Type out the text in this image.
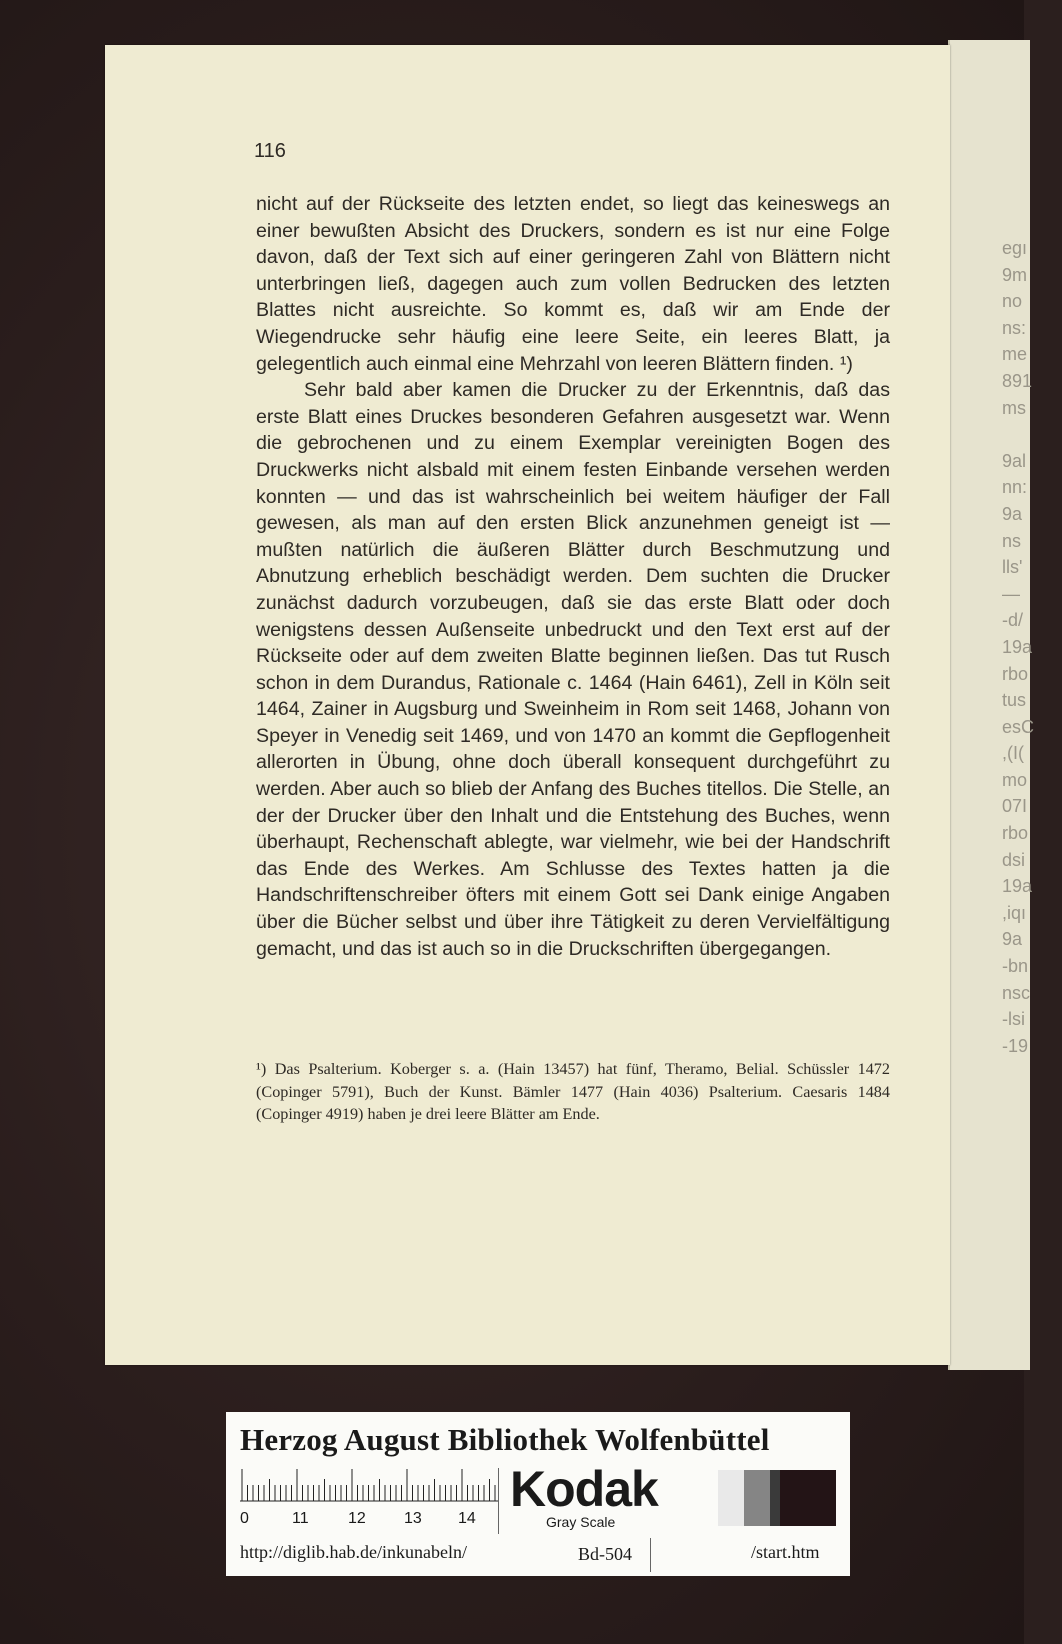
egı
9m
no
ns:
me
891
ms

9al
nn:
9a
ns
lls'
—
-d/
19a
rbo
tus
esC
,(I(
mo
07I
rbo
dsi
19a
,iqı
9a
-bn
nsc
-lsi
-19
116

nicht auf der Rückseite des letzten endet, so liegt das keineswegs an einer bewußten Absicht des Druckers, sondern es ist nur eine Folge davon, daß der Text sich auf einer geringeren Zahl von Blättern nicht unterbringen ließ, dagegen auch zum vollen Bedrucken des letzten Blattes nicht ausreichte. So kommt es, daß wir am Ende der Wiegendrucke sehr häufig eine leere Seite, ein leeres Blatt, ja gelegentlich auch einmal eine Mehrzahl von leeren Blättern finden. ¹)

Sehr bald aber kamen die Drucker zu der Erkenntnis, daß das erste Blatt eines Druckes besonderen Gefahren ausgesetzt war. Wenn die gebrochenen und zu einem Exemplar vereinigten Bogen des Druckwerks nicht alsbald mit einem festen Einbande versehen werden konnten — und das ist wahrscheinlich bei weitem häufiger der Fall gewesen, als man auf den ersten Blick anzunehmen geneigt ist — mußten natürlich die äußeren Blätter durch Beschmutzung und Abnutzung erheblich beschädigt werden. Dem suchten die Drucker zunächst dadurch vorzubeugen, daß sie das erste Blatt oder doch wenigstens dessen Außenseite unbedruckt und den Text erst auf der Rückseite oder auf dem zweiten Blatte beginnen ließen. Das tut Rusch schon in dem Durandus, Rationale c. 1464 (Hain 6461), Zell in Köln seit 1464, Zainer in Augsburg und Sweinheim in Rom seit 1468, Johann von Speyer in Venedig seit 1469, und von 1470 an kommt die Gepflogenheit allerorten in Übung, ohne doch überall konsequent durchgeführt zu werden. Aber auch so blieb der Anfang des Buches titellos. Die Stelle, an der der Drucker über den Inhalt und die Entstehung des Buches, wenn überhaupt, Rechenschaft ablegte, war vielmehr, wie bei der Handschrift das Ende des Werkes. Am Schlusse des Textes hatten ja die Handschriftenschreiber öfters mit einem Gott sei Dank einige Angaben über die Bücher selbst und über ihre Tätigkeit zu deren Vervielfältigung gemacht, und das ist auch so in die Druckschriften übergegangen.

¹) Das Psalterium. Koberger s. a. (Hain 13457) hat fünf, Theramo, Belial. Schüssler 1472 (Copinger 5791), Buch der Kunst. Bämler 1477 (Hain 4036) Psalterium. Caesaris 1484 (Copinger 4919) haben je drei leere Blätter am Ende.
Herzog August Bibliothek Wolfenbüttel
0	11 12 13 14
Kodak
Gray Scale
http://diglib.hab.de/inkunabeln/	Bd-504	/start.htm
